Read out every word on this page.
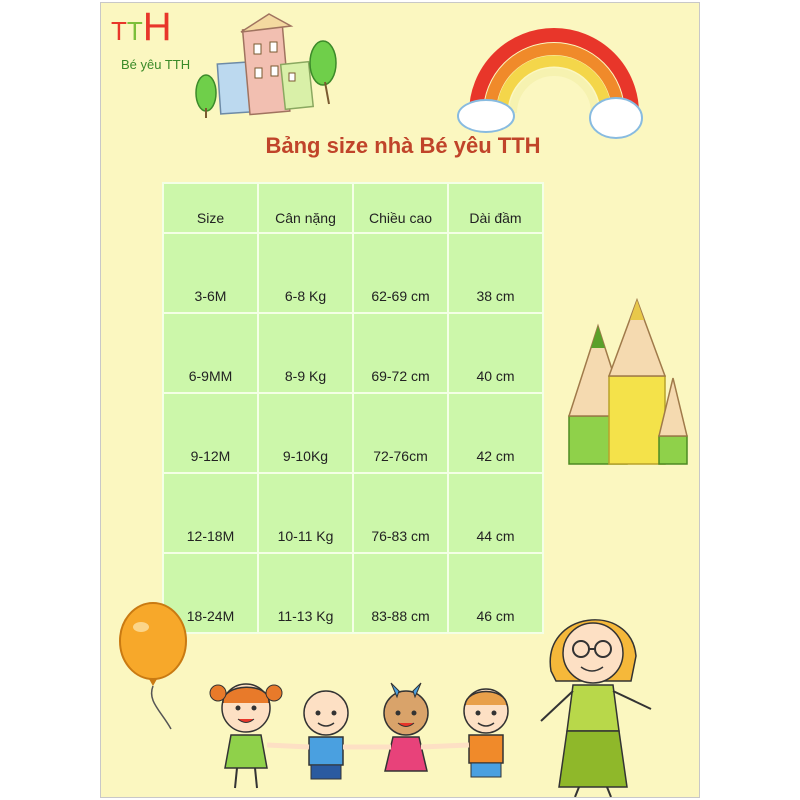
TTH
Bé yêu TTH
Bảng size nhà Bé yêu TTH
Size	Cân nặng	Chiều cao	Dài đầm
3-6M	6-8 Kg	62-69 cm	38 cm
6-9MM	8-9 Kg	69-72 cm	40 cm
9-12M	9-10Kg	72-76cm	42 cm
12-18M	10-11 Kg	76-83 cm	44 cm
18-24M	11-13 Kg	83-88 cm	46 cm
